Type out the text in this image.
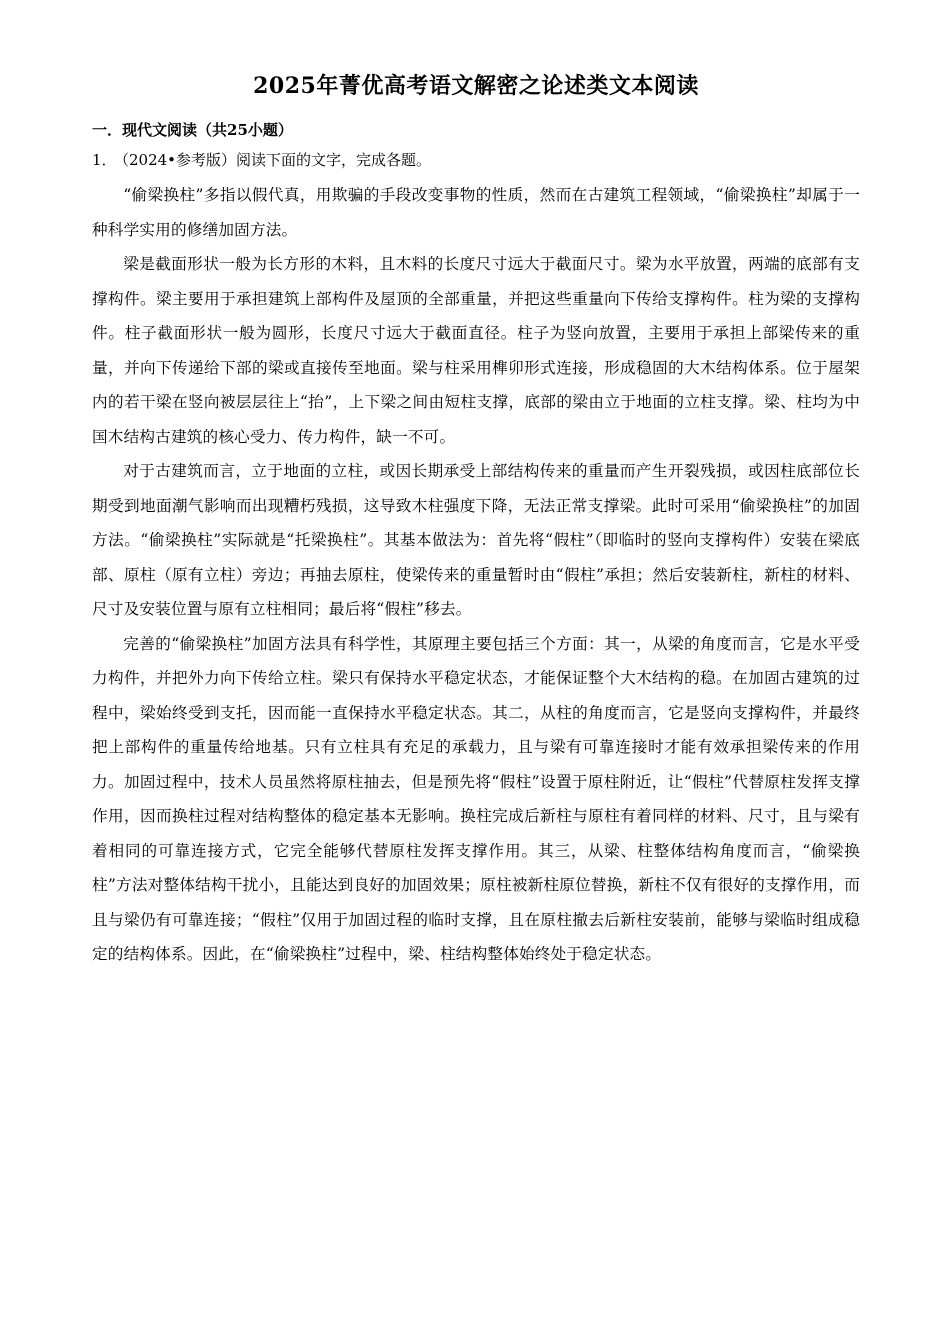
2025年菁优高考语文解密之论述类文本阅读
一．现代文阅读（共25小题）
1．（2024•参考版）阅读下面的文字，完成各题。

“偷梁换柱”多指以假代真，用欺骗的手段改变事物的性质，然而在古建筑工程领域，“偷梁换柱”却属于一种科学实用的修缮加固方法。

梁是截面形状一般为长方形的木料，且木料的长度尺寸远大于截面尺寸。梁为水平放置，两端的底部有支撑构件。梁主要用于承担建筑上部构件及屋顶的全部重量，并把这些重量向下传给支撑构件。柱为梁的支撑构件。柱子截面形状一般为圆形，长度尺寸远大于截面直径。柱子为竖向放置，主要用于承担上部梁传来的重量，并向下传递给下部的梁或直接传至地面。梁与柱采用榫卯形式连接，形成稳固的大木结构体系。位于屋架内的若干梁在竖向被层层往上“抬”，上下梁之间由短柱支撑，底部的梁由立于地面的立柱支撑。梁、柱均为中国木结构古建筑的核心受力、传力构件，缺一不可。

对于古建筑而言，立于地面的立柱，或因长期承受上部结构传来的重量而产生开裂残损，或因柱底部位长期受到地面潮气影响而出现糟朽残损，这导致木柱强度下降，无法正常支撑梁。此时可采用“偷梁换柱”的加固方法。“偷梁换柱”实际就是“托梁换柱”。其基本做法为：首先将“假柱”（即临时的竖向支撑构件）安装在梁底部、原柱（原有立柱）旁边；再抽去原柱，使梁传来的重量暂时由“假柱”承担；然后安装新柱，新柱的材料、尺寸及安装位置与原有立柱相同；最后将“假柱”移去。

完善的“偷梁换柱”加固方法具有科学性，其原理主要包括三个方面：其一，从梁的角度而言，它是水平受力构件，并把外力向下传给立柱。梁只有保持水平稳定状态，才能保证整个大木结构的稳。在加固古建筑的过程中，梁始终受到支托，因而能一直保持水平稳定状态。其二，从柱的角度而言，它是竖向支撑构件，并最终把上部构件的重量传给地基。只有立柱具有充足的承载力，且与梁有可靠连接时才能有效承担梁传来的作用力。加固过程中，技术人员虽然将原柱抽去，但是预先将“假柱”设置于原柱附近，让“假柱”代替原柱发挥支撑作用，因而换柱过程对结构整体的稳定基本无影响。换柱完成后新柱与原柱有着同样的材料、尺寸，且与梁有着相同的可靠连接方式，它完全能够代替原柱发挥支撑作用。其三，从梁、柱整体结构角度而言，“偷梁换柱”方法对整体结构干扰小，且能达到良好的加固效果；原柱被新柱原位替换，新柱不仅有很好的支撑作用，而且与梁仍有可靠连接；“假柱”仅用于加固过程的临时支撑，且在原柱撤去后新柱安装前，能够与梁临时组成稳定的结构体系。因此，在“偷梁换柱”过程中，梁、柱结构整体始终处于稳定状态。
